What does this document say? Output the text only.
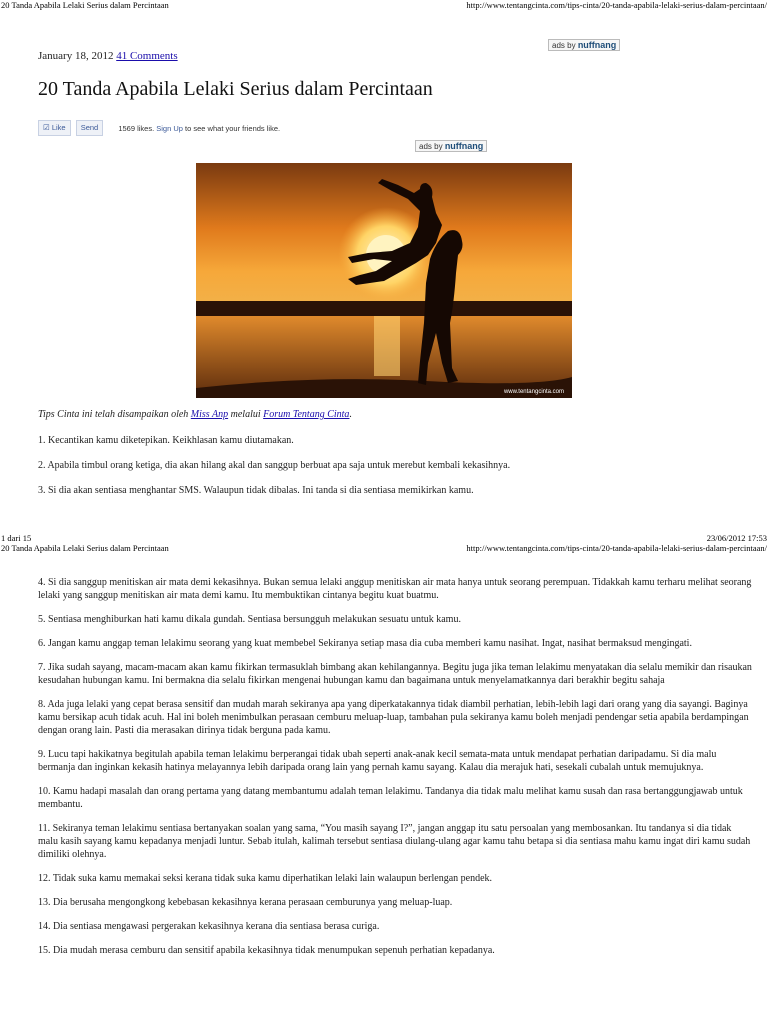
20 Tanda Apabila Lelaki Serius dalam Percintaan	http://www.tentangcinta.com/tips-cinta/20-tanda-apabila-lelaki-serius-dalam-percintaan/
January 18, 2012 41 Comments
ads by nuffnang
20 Tanda Apabila Lelaki Serius dalam Percintaan
☑ Like Send	1569 likes. Sign Up to see what your friends like.
ads by nuffnang
www.tentangcinta.com
Tips Cinta ini telah disampaikan oleh Miss Anp melalui Forum Tentang Cinta.

1. Kecantikan kamu diketepikan. Keikhlasan kamu diutamakan.

2. Apabila timbul orang ketiga, dia akan hilang akal dan sanggup berbuat apa saja untuk merebut kembali kekasihnya.

3. Si dia akan sentiasa menghantar SMS. Walaupun tidak dibalas. Ini tanda si dia sentiasa memikirkan kamu.

1 dari 15	23/06/2012 17:53
20 Tanda Apabila Lelaki Serius dalam Percintaan	http://www.tentangcinta.com/tips-cinta/20-tanda-apabila-lelaki-serius-dalam-percintaan/

4. Si dia sanggup menitiskan air mata demi kekasihnya. Bukan semua lelaki anggup menitiskan air mata hanya untuk seorang perempuan. Tidakkah kamu terharu melihat seorang lelaki yang sanggup menitiskan air mata demi kamu. Itu membuktikan cintanya begitu kuat buatmu.

5. Sentiasa menghiburkan hati kamu dikala gundah. Sentiasa bersungguh melakukan sesuatu untuk kamu.

6. Jangan kamu anggap teman lelakimu seorang yang kuat membebel Sekiranya setiap masa dia cuba memberi kamu nasihat. Ingat, nasihat bermaksud mengingati.

7. Jika sudah sayang, macam-macam akan kamu fikirkan termasuklah bimbang akan kehilangannya. Begitu juga jika teman lelakimu menyatakan dia selalu memikir dan risaukan kesudahan hubungan kamu. Ini bermakna dia selalu fikirkan mengenai hubungan kamu dan bagaimana untuk menyelamatkannya dari berakhir begitu sahaja

8. Ada juga lelaki yang cepat berasa sensitif dan mudah marah sekiranya apa yang diperkatakannya tidak diambil perhatian, lebih-lebih lagi dari orang yang dia sayangi. Baginya kamu bersikap acuh tidak acuh. Hal ini boleh menimbulkan perasaan cemburu meluap-luap, tambahan pula sekiranya kamu boleh menjadi pendengar setia apabila berdampingan dengan orang lain. Pasti dia merasakan dirinya tidak berguna pada kamu.

9. Lucu tapi hakikatnya begitulah apabila teman lelakimu berperangai tidak ubah seperti anak-anak kecil semata-mata untuk mendapat perhatian daripadamu. Si dia malu bermanja dan inginkan kekasih hatinya melayannya lebih daripada orang lain yang pernah kamu sayang. Kalau dia merajuk hati, sesekali cubalah untuk memujuknya.

10. Kamu hadapi masalah dan orang pertama yang datang membantumu adalah teman lelakimu. Tandanya dia tidak malu melihat kamu susah dan rasa bertanggungjawab untuk membantu.

11. Sekiranya teman lelakimu sentiasa bertanyakan soalan yang sama, “You masih sayang I?”, jangan anggap itu satu persoalan yang membosankan. Itu tandanya si dia tidak malu kasih sayang kamu kepadanya menjadi luntur. Sebab itulah, kalimah tersebut sentiasa diulang-ulang agar kamu tahu betapa si dia sentiasa mahu kamu ingat diri kamu sudah dimiliki olehnya.

12. Tidak suka kamu memakai seksi kerana tidak suka kamu diperhatikan lelaki lain walaupun berlengan pendek.

13. Dia berusaha mengongkong kebebasan kekasihnya kerana perasaan cemburunya yang meluap-luap.

14. Dia sentiasa mengawasi pergerakan kekasihnya kerana dia sentiasa berasa curiga.

15. Dia mudah merasa cemburu dan sensitif apabila kekasihnya tidak menumpukan sepenuh perhatian kepadanya.
